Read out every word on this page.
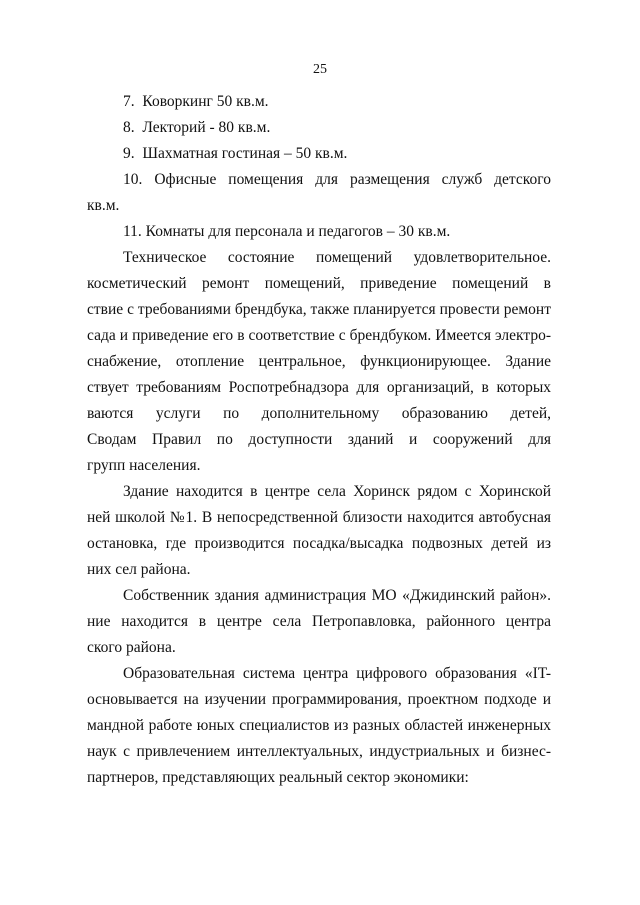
25
7.  Коворкинг 50 кв.м.
8.  Лекторий - 80 кв.м.
9.  Шахматная гостиная – 50 кв.м.
10. Офисные помещения для размещения служб детского
кв.м.
11. Комнаты для персонала и педагогов – 30 кв.м.
Техническое состояние помещений удовлетворительное.
косметический ремонт помещений, приведение помещений в
ствие с требованиями брендбука, также планируется провести ремонт
сада и приведение его в соответствие с брендбуком. Имеется электро-
снабжение, отопление центральное, функционирующее. Здание
ствует требованиям Роспотребнадзора для организаций, в которых
ваются услуги по дополнительному образованию детей,
Сводам Правил по доступности зданий и сооружений для
групп населения.
Здание находится в центре села Хоринск рядом с Хоринской
ней школой №1. В непосредственной близости находится автобусная
остановка, где производится посадка/высадка подвозных детей из
них сел района.
Собственник здания администрация МО «Джидинский район».
ние находится в центре села Петропавловка, районного центра
ского района.
Образовательная система центра цифрового образования «IT-
основывается на изучении программирования, проектном подходе и
мандной работе юных специалистов из разных областей инженерных
наук с привлечением интеллектуальных, индустриальных и бизнес-
партнеров, представляющих реальный сектор экономики:
